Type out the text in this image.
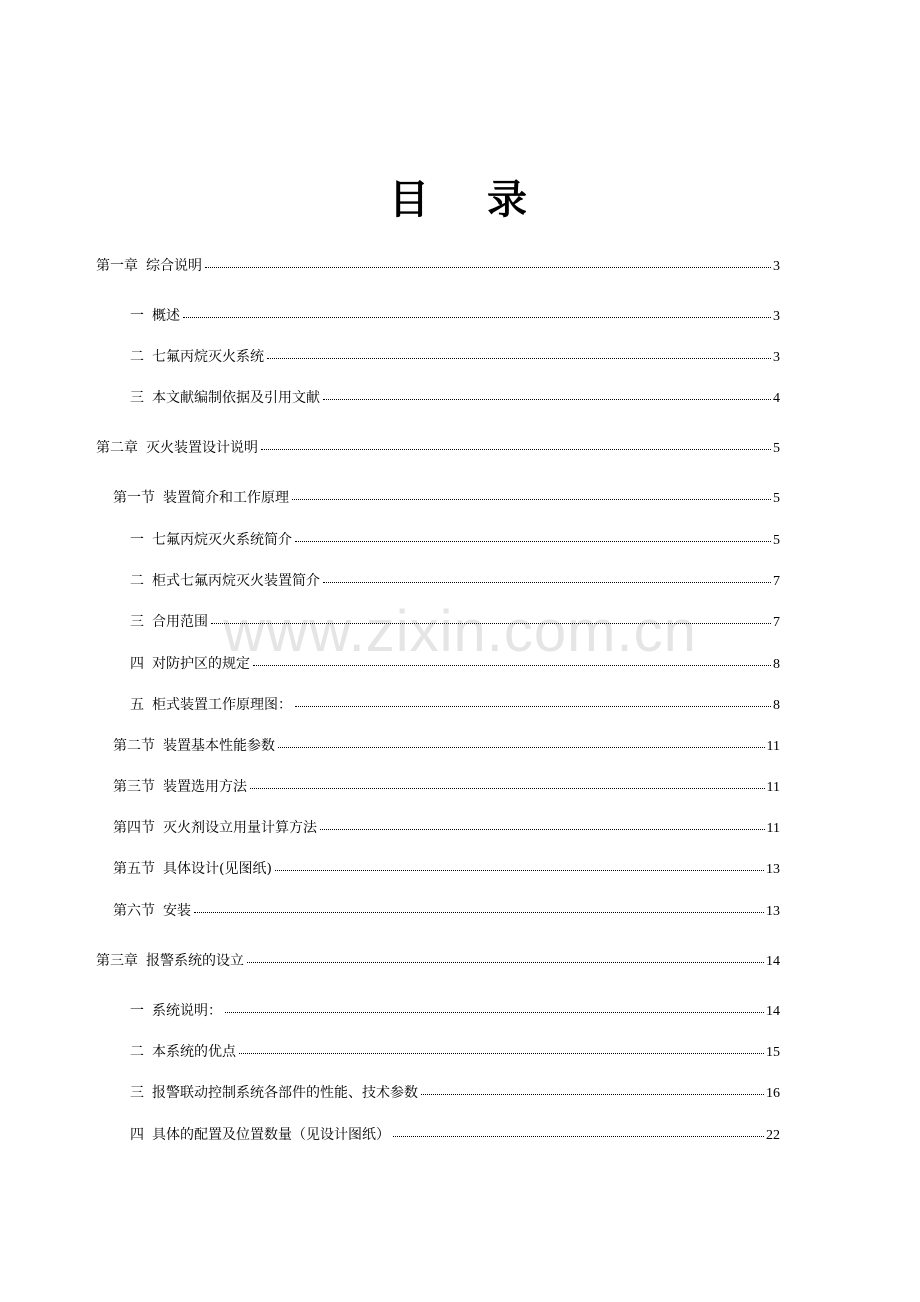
目 录
www.zixin.com.cn
第一章 综合说明	3
一 概述	3
二 七氟丙烷灭火系统	3
三 本文献编制依据及引用文献	4
第二章 灭火装置设计说明	5
第一节 装置简介和工作原理	5
一 七氟丙烷灭火系统简介	5
二 柜式七氟丙烷灭火装置简介	7
三 合用范围	7
四 对防护区的规定	8
五 柜式装置工作原理图：	8
第二节 装置基本性能参数	11
第三节 装置选用方法	11
第四节 灭火剂设立用量计算方法	11
第五节 具体设计(见图纸)	13
第六节 安装	13
第三章 报警系统的设立	14
一 系统说明：	14
二 本系统的优点	15
三 报警联动控制系统各部件的性能、技术参数	16
四 具体的配置及位置数量（见设计图纸）	22
